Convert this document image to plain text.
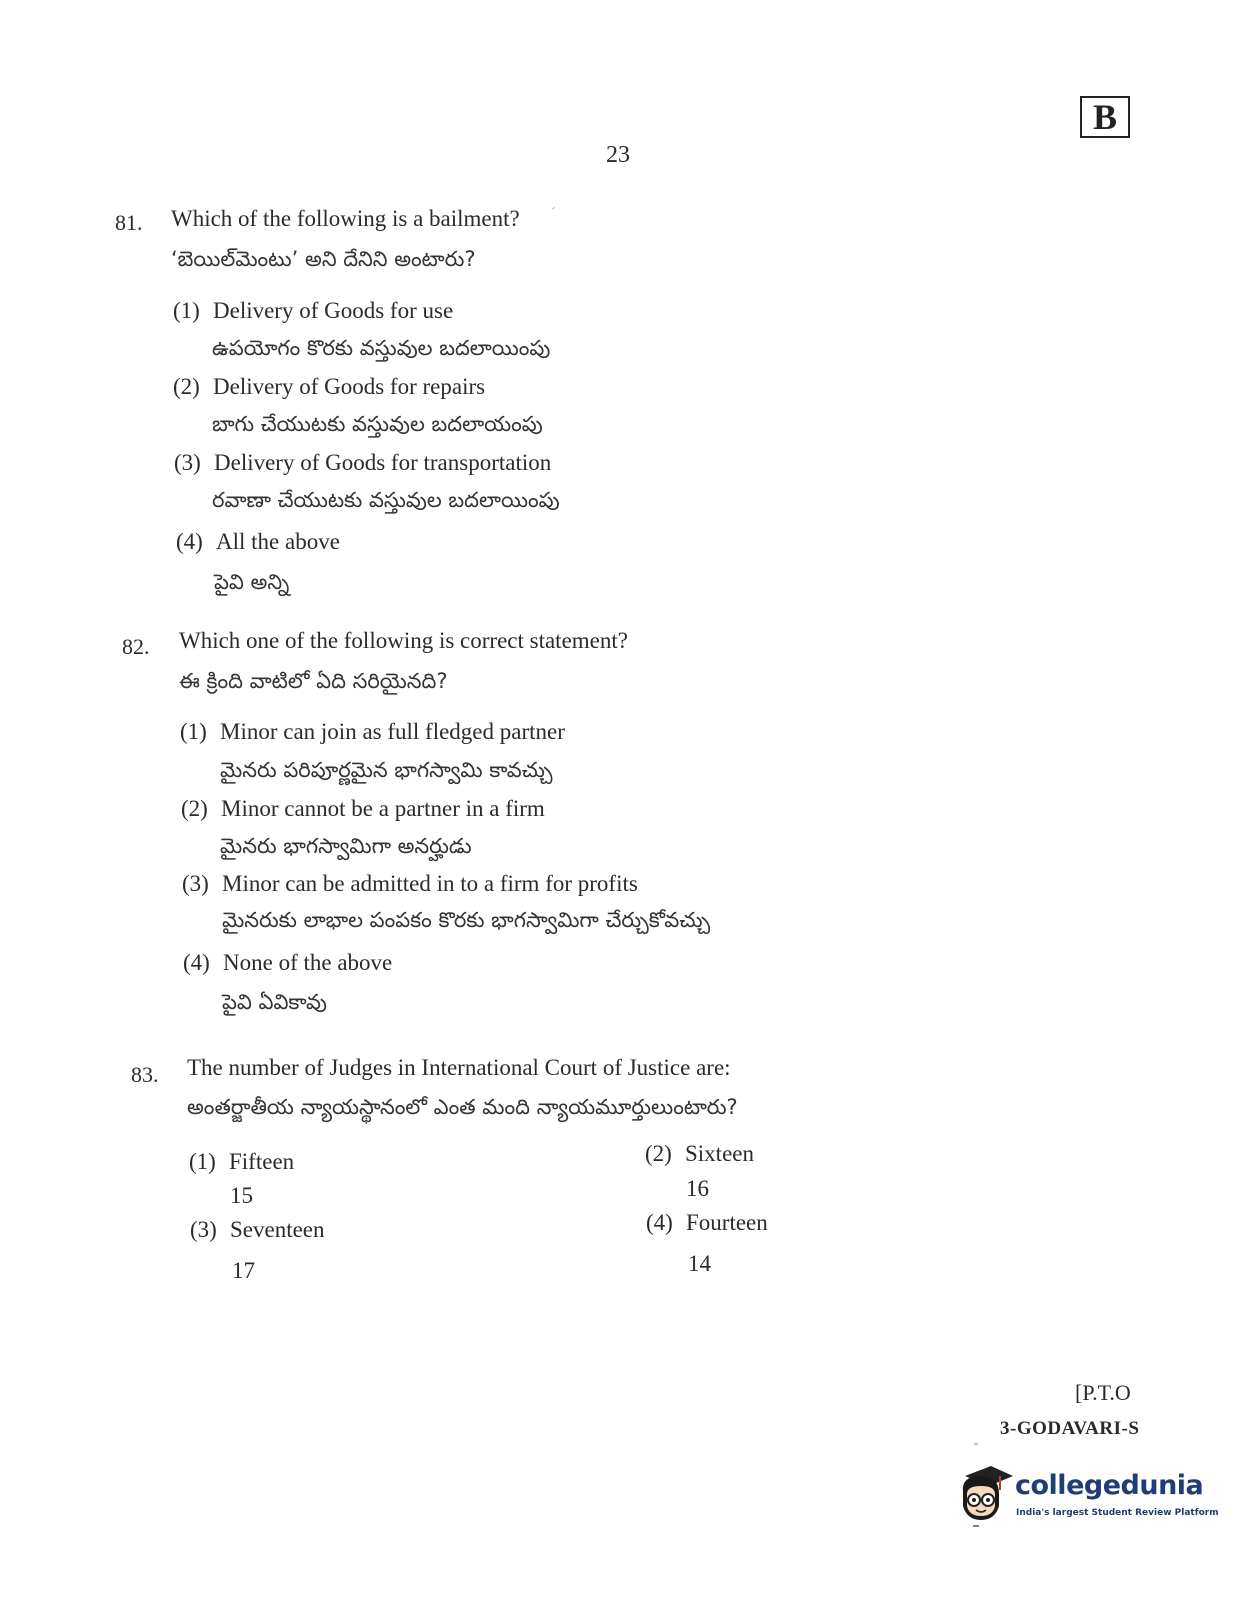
B
23
ˊ
81. Which of the following is a bailment?
‘బెయిల్‌మెంటు’ అని దేనిని అంటారు?
(1) Delivery of Goods for use
ఉపయోగం కొరకు వస్తువుల బదలాయింపు
(2) Delivery of Goods for repairs
బాగు చేయుటకు వస్తువుల బదలాయంపు
(3) Delivery of Goods for transportation
రవాణా చేయుటకు వస్తువుల బదలాయింపు
(4) All the above
పైవి అన్ని
82. Which one of the following is correct statement?
ఈ క్రింది వాటిలో ఏది సరియైనది?
(1) Minor can join as full fledged partner
మైనరు పరిపూర్ణమైన భాగస్వామి కావచ్చు
(2) Minor cannot be a partner in a firm
మైనరు భాగస్వామిగా అనర్హుడు
(3) Minor can be admitted in to a firm for profits
మైనరుకు లాభాల పంపకం కొరకు భాగస్వామిగా చేర్చుకోవచ్చు
(4) None of the above
పైవి ఏవికావు
83. The number of Judges in International Court of Justice are:
అంతర్జాతీయ న్యాయస్థానంలో ఎంత మంది న్యాయమూర్తులుంటారు?
(1) Fifteen
15
(2) Sixteen
16
(3) Seventeen
17
(4) Fourteen
14
[P.T.O
3-GODAVARI-S
-
collegedunia
India's largest Student Review Platform
